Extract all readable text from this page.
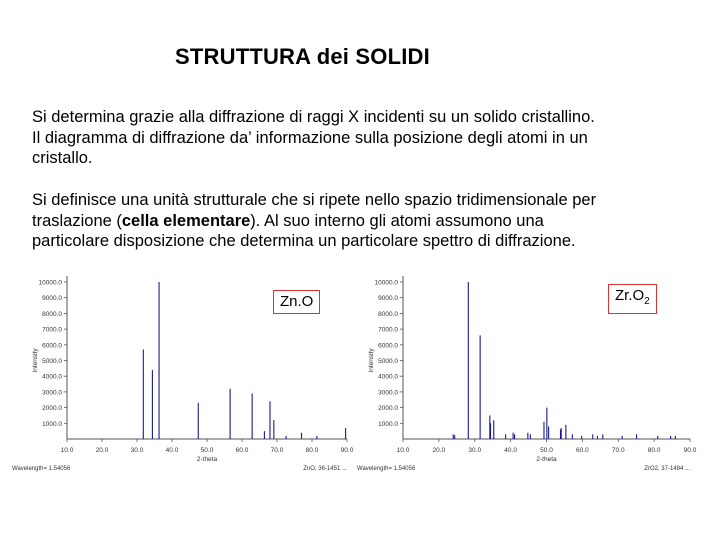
STRUTTURA dei SOLIDI
Si determina grazie alla diffrazione di raggi X incidenti su un solido cristallino.
Il diagramma di diffrazione da’ informazione sulla posizione degli atomi in un
cristallo.
Si definisce una unità strutturale che si ripete nello spazio tridimensionale per
traslazione (cella elementare). Al suo interno gli atomi assumono una
particolare disposizione che determina un particolare spettro di diffrazione.
1000.0
2000.0
3000.0
4000.0
5000.0
6000.0
7000.0
8000.0
9000.0
10000.0
10.0	20.0	30.0	40.0	50.0	60.0	70.0	80.0	90.0
Intensity
2-theta
Wavelength= 1.54056	ZnO, 36-1451 ...
1000.0
2000.0
3000.0
4000.0
5000.0
6000.0
7000.0
8000.0
9000.0
10000.0
10.0	20.0	30.0	40.0	50.0	60.0	70.0	80.0	90.0
Intensity
2-theta
Wavelength= 1.54056	ZrO2, 37-1484 ...
Zn.O	$Zr.O_2$
